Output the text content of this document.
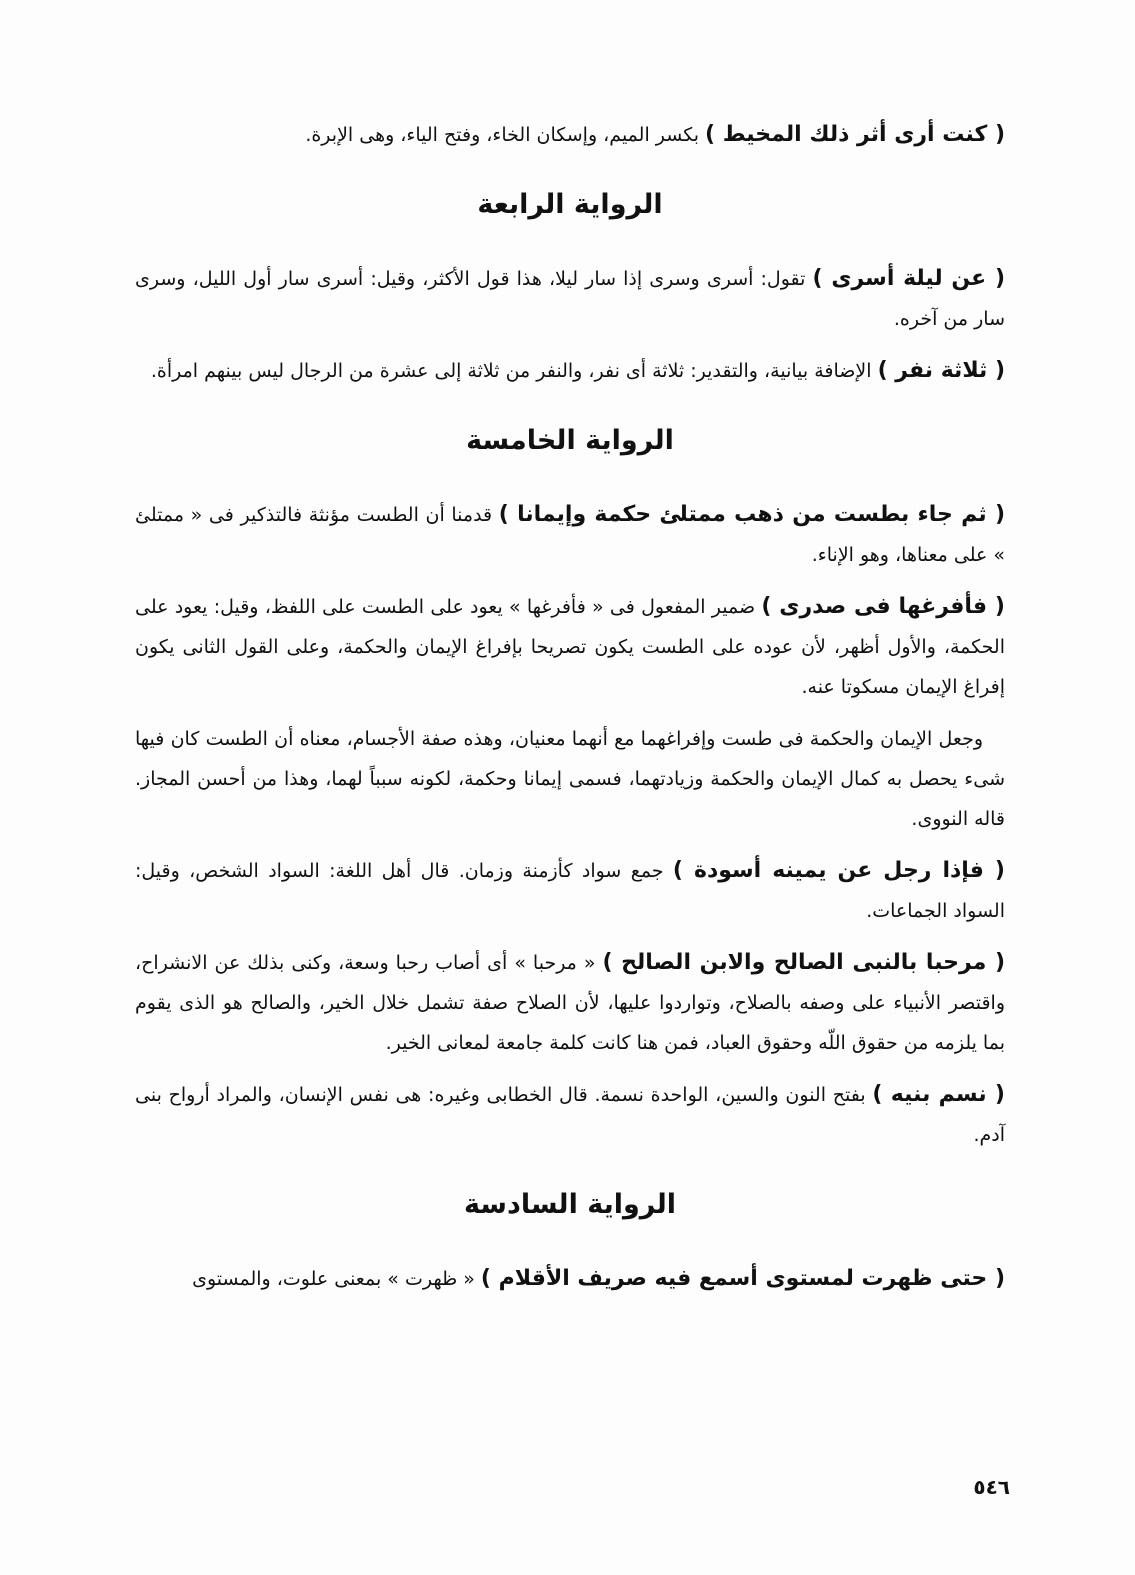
( كنت أرى أثر ذلك المخيط ) بكسر الميم، وإسكان الخاء، وفتح الياء، وهى الإبرة.

الرواية الرابعة

( عن ليلة أسرى ) تقول: أسرى وسرى إذا سار ليلا، هذا قول الأكثر، وقيل: أسرى سار أول الليل، وسرى سار من آخره.

( ثلاثة نفر ) الإضافة بيانية، والتقدير: ثلاثة أى نفر، والنفر من ثلاثة إلى عشرة من الرجال ليس بينهم امرأة.

الرواية الخامسة

( ثم جاء بطست من ذهب ممتلئ حكمة وإيمانا ) قدمنا أن الطست مؤنثة فالتذكير فى « ممتلئ » على معناها، وهو الإناء.

( فأفرغها فى صدرى ) ضمير المفعول فى « فأفرغها » يعود على الطست على اللفظ، وقيل: يعود على الحكمة، والأول أظهر، لأن عوده على الطست يكون تصريحا بإفراغ الإيمان والحكمة، وعلى القول الثانى يكون إفراغ الإيمان مسكوتا عنه.

وجعل الإيمان والحكمة فى طست وإفراغهما مع أنهما معنيان، وهذه صفة الأجسام، معناه أن الطست كان فيها شىء يحصل به كمال الإيمان والحكمة وزيادتهما، فسمى إيمانا وحكمة، لكونه سبباً لهما، وهذا من أحسن المجاز. قاله النووى.

( فإذا رجل عن يمينه أسودة ) جمع سواد كأزمنة وزمان. قال أهل اللغة: السواد الشخص، وقيل: السواد الجماعات.

( مرحبا بالنبى الصالح والابن الصالح ) « مرحبا » أى أصاب رحبا وسعة، وكنى بذلك عن الانشراح، واقتصر الأنبياء على وصفه بالصلاح، وتواردوا عليها، لأن الصلاح صفة تشمل خلال الخير، والصالح هو الذى يقوم بما يلزمه من حقوق اللّه وحقوق العباد، فمن هنا كانت كلمة جامعة لمعانى الخير.

( نسم بنيه ) بفتح النون والسين، الواحدة نسمة. قال الخطابى وغيره: هى نفس الإنسان، والمراد أرواح بنى آدم.

الرواية السادسة

( حتى ظهرت لمستوى أسمع فيه صريف الأقلام ) « ظهرت » بمعنى علوت، والمستوى

٥٤٦
